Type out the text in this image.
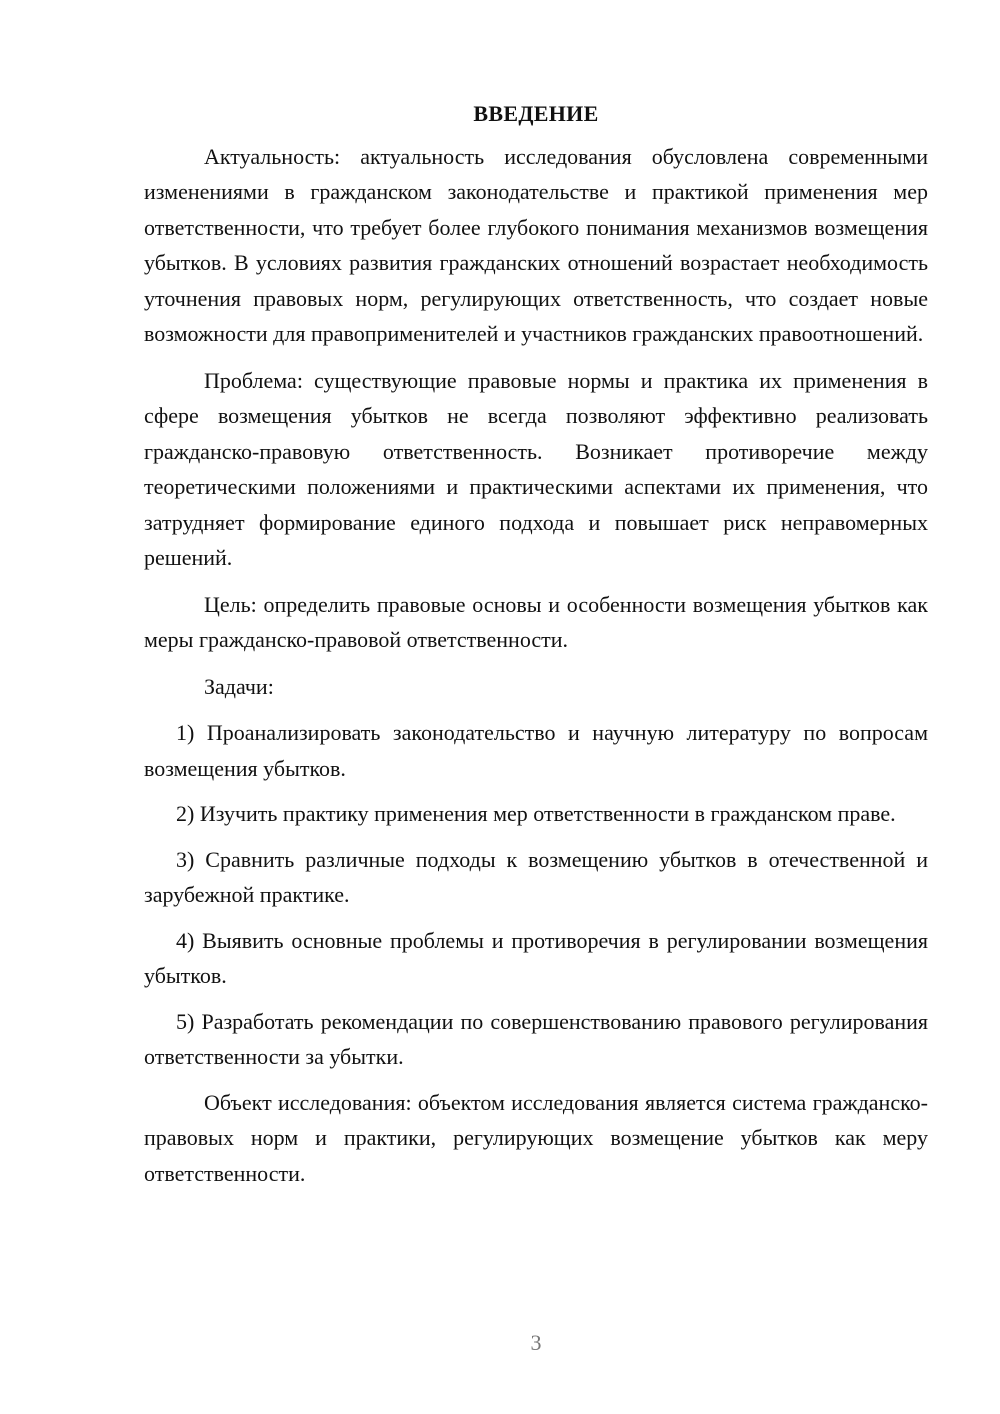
ВВЕДЕНИЕ

Актуальность: актуальность исследования обусловлена современными изменениями в гражданском законодательстве и практикой применения мер ответственности, что требует более глубокого понимания механизмов возмещения убытков. В условиях развития гражданских отношений возрастает необходимость уточнения правовых норм, регулирующих ответственность, что создает новые возможности для правоприменителей и участников гражданских правоотношений.

Проблема: существующие правовые нормы и практика их применения в сфере возмещения убытков не всегда позволяют эффективно реализовать гражданско-правовую ответственность. Возникает противоречие между теоретическими положениями и практическими аспектами их применения, что затрудняет формирование единого подхода и повышает риск неправомерных решений.

Цель: определить правовые основы и особенности возмещения убытков как меры гражданско-правовой ответственности.

Задачи:

1) Проанализировать законодательство и научную литературу по вопросам возмещения убытков.

2) Изучить практику применения мер ответственности в гражданском праве.

3) Сравнить различные подходы к возмещению убытков в отечественной и зарубежной практике.

4) Выявить основные проблемы и противоречия в регулировании возмещения убытков.

5) Разработать рекомендации по совершенствованию правового регулирования ответственности за убытки.

Объект исследования: объектом исследования является система гражданско-правовых норм и практики, регулирующих возмещение убытков как меру ответственности.

3
